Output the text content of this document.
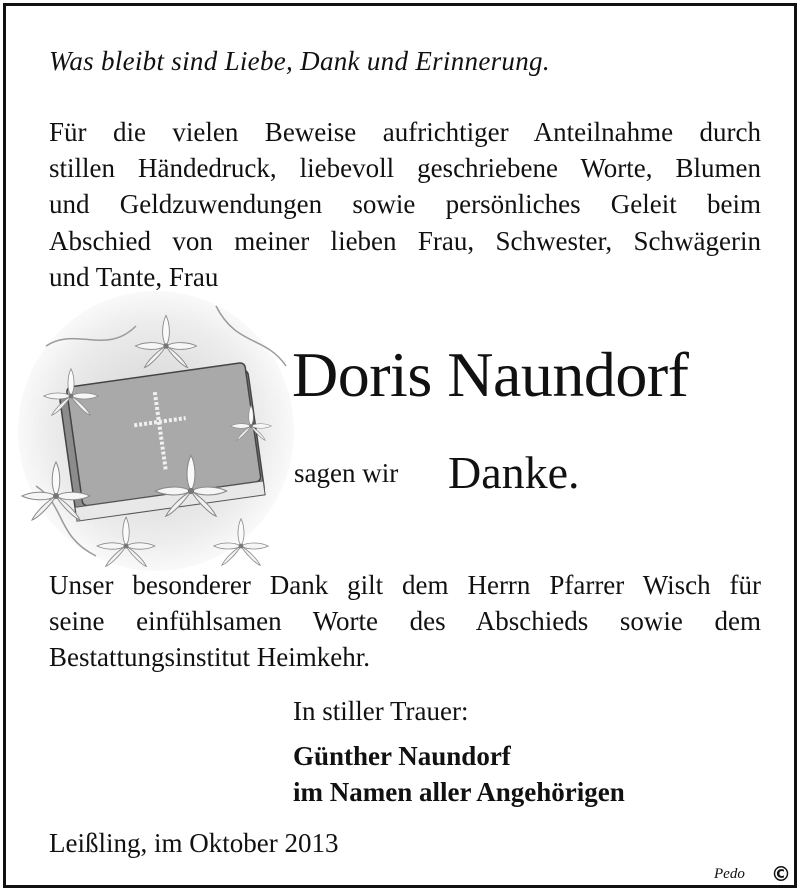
Was bleibt sind Liebe, Dank und Erinnerung.
Für die vielen Beweise aufrichtiger Anteilnahme durch
stillen Händedruck, liebevoll geschriebene Worte, Blumen
und Geldzuwendungen sowie persönliches Geleit beim
Abschied von meiner lieben Frau, Schwester, Schwägerin
und Tante, Frau
Doris Naundorf
sagen wir Danke.
Unser besonderer Dank gilt dem Herrn Pfarrer Wisch für
seine einfühlsamen Worte des Abschieds sowie dem
Bestattungsinstitut Heimkehr.
In stiller Trauer:
Günther Naundorf
im Namen aller Angehörigen
Leißling, im Oktober 2013
Pedo ©
